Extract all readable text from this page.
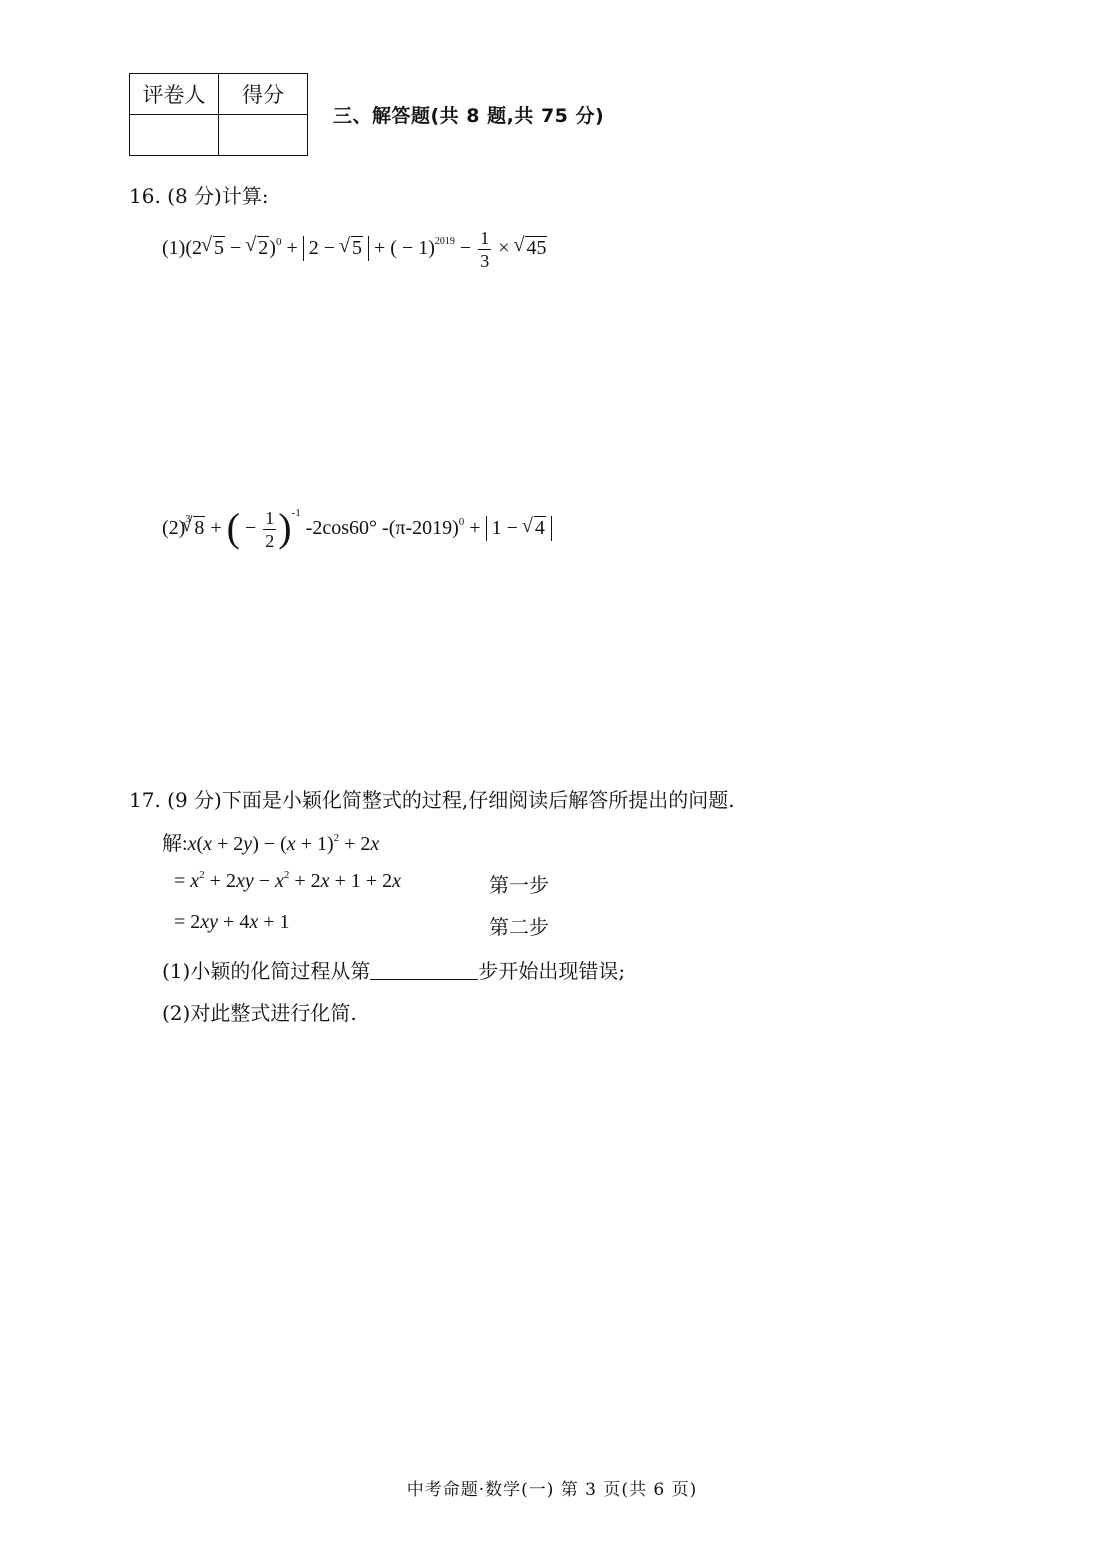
评卷人	得分

三、解答题(共 8 题,共 75 分)
16. (8 分)计算:
(1)(2 √ 5 − √ 2)$^0$ + 2 − √ 5 + ( − $1)^{2019} - \frac{1}{3}$ × √ 45
$(2)^3$ √ 8 + ( − $\frac{1}{2} )^{-1}$ -2cos60° $-(\pi-2019)^0 + 1$ − √ 4
17. (9 分)下面是小颖化简整式的过程,仔细阅读后解答所提出的问题.
解:x(x + $2y) - (x + 1)^2 + 2x$
= $x^2 + 2xy - x^2 + 2x + 1 + 2x$	第一步
= 2xy + 4x + 1	第二步
(1)小颖的化简过程从第	步开始出现错误;
(2)对此整式进行化简.
中考命题·数学(一) 第 3 页(共 6 页)
